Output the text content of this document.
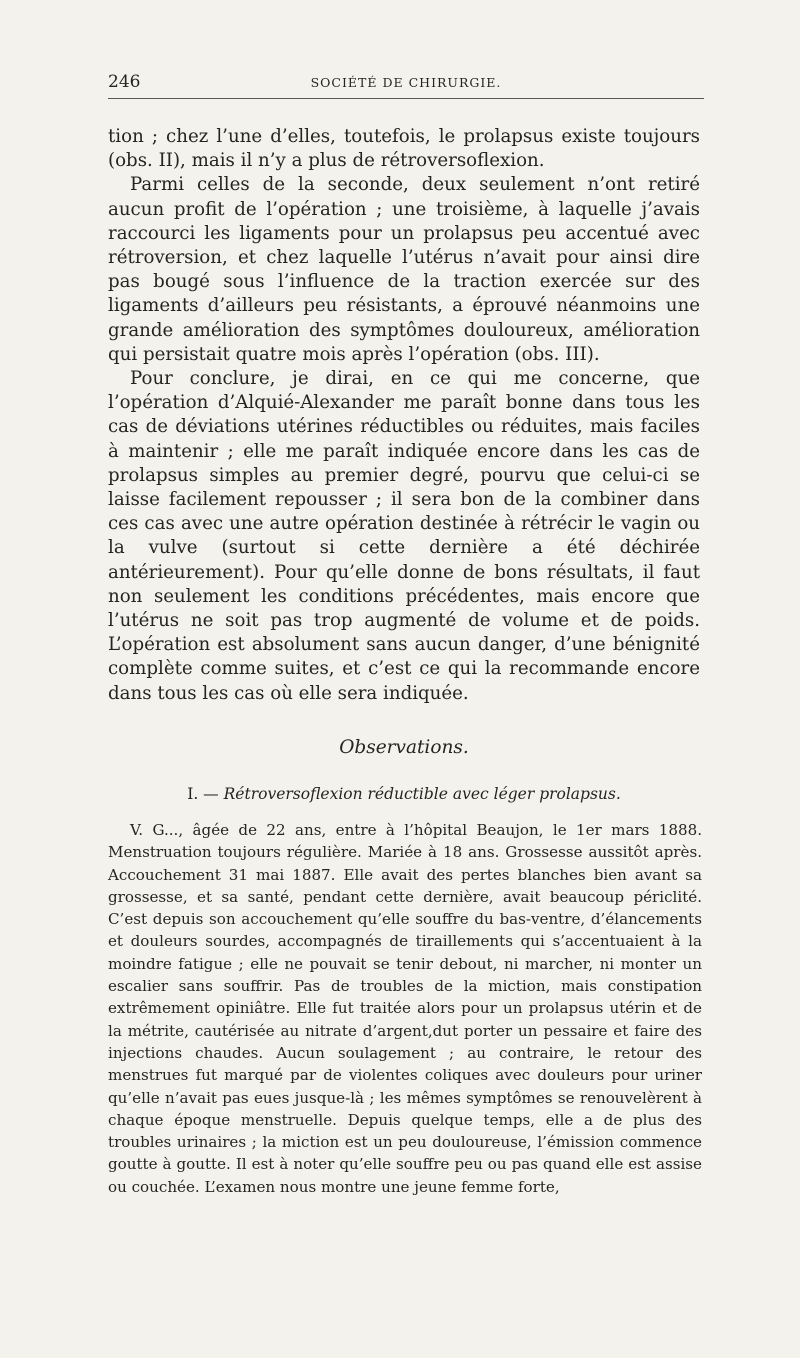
246	SOCIÉTÉ DE CHIRURGIE.

tion ; chez l’une d’elles, toutefois, le prolapsus existe toujours (obs. II), mais il n’y a plus de rétroversoflexion.

Parmi celles de la seconde, deux seulement n’ont retiré aucun profit de l’opération ; une troisième, à laquelle j’avais raccourci les ligaments pour un prolapsus peu accentué avec rétroversion, et chez laquelle l’utérus n’avait pour ainsi dire pas bougé sous l’influence de la traction exercée sur des ligaments d’ailleurs peu résistants, a éprouvé néanmoins une grande amélioration des symptômes douloureux, amélioration qui persistait quatre mois après l’opération (obs. III).

Pour conclure, je dirai, en ce qui me concerne, que l’opération d’Alquié-Alexander me paraît bonne dans tous les cas de déviations utérines réductibles ou réduites, mais faciles à maintenir ; elle me paraît indiquée encore dans les cas de prolapsus simples au premier degré, pourvu que celui-ci se laisse facilement repousser ; il sera bon de la combiner dans ces cas avec une autre opération destinée à rétrécir le vagin ou la vulve (surtout si cette dernière a été déchirée antérieurement). Pour qu’elle donne de bons résultats, il faut non seulement les conditions précédentes, mais encore que l’utérus ne soit pas trop augmenté de volume et de poids. L’opération est absolument sans aucun danger, d’une bénignité complète comme suites, et c’est ce qui la recommande encore dans tous les cas où elle sera indiquée.

Observations.
I. — Rétroversoflexion réductible avec léger prolapsus.

V. G..., âgée de 22 ans, entre à l’hôpital Beaujon, le 1er mars 1888. Menstruation toujours régulière. Mariée à 18 ans. Grossesse aussitôt après. Accouchement 31 mai 1887. Elle avait des pertes blanches bien avant sa grossesse, et sa santé, pendant cette dernière, avait beaucoup périclité. C’est depuis son accouchement qu’elle souffre du bas-ventre, d’élancements et douleurs sourdes, accompagnés de tiraillements qui s’accentuaient à la moindre fatigue ; elle ne pouvait se tenir debout, ni marcher, ni monter un escalier sans souffrir. Pas de troubles de la miction, mais constipation extrêmement opiniâtre. Elle fut traitée alors pour un prolapsus utérin et de la métrite, cautérisée au nitrate d’argent,dut porter un pessaire et faire des injections chaudes. Aucun soulagement ; au contraire, le retour des menstrues fut marqué par de violentes coliques avec douleurs pour uriner qu’elle n’avait pas eues jusque-là ; les mêmes symptômes se renouvelèrent à chaque époque menstruelle. Depuis quelque temps, elle a de plus des troubles urinaires ; la miction est un peu douloureuse, l’émission commence goutte à goutte. Il est à noter qu’elle souffre peu ou pas quand elle est assise ou couchée. L’examen nous montre une jeune femme forte,
